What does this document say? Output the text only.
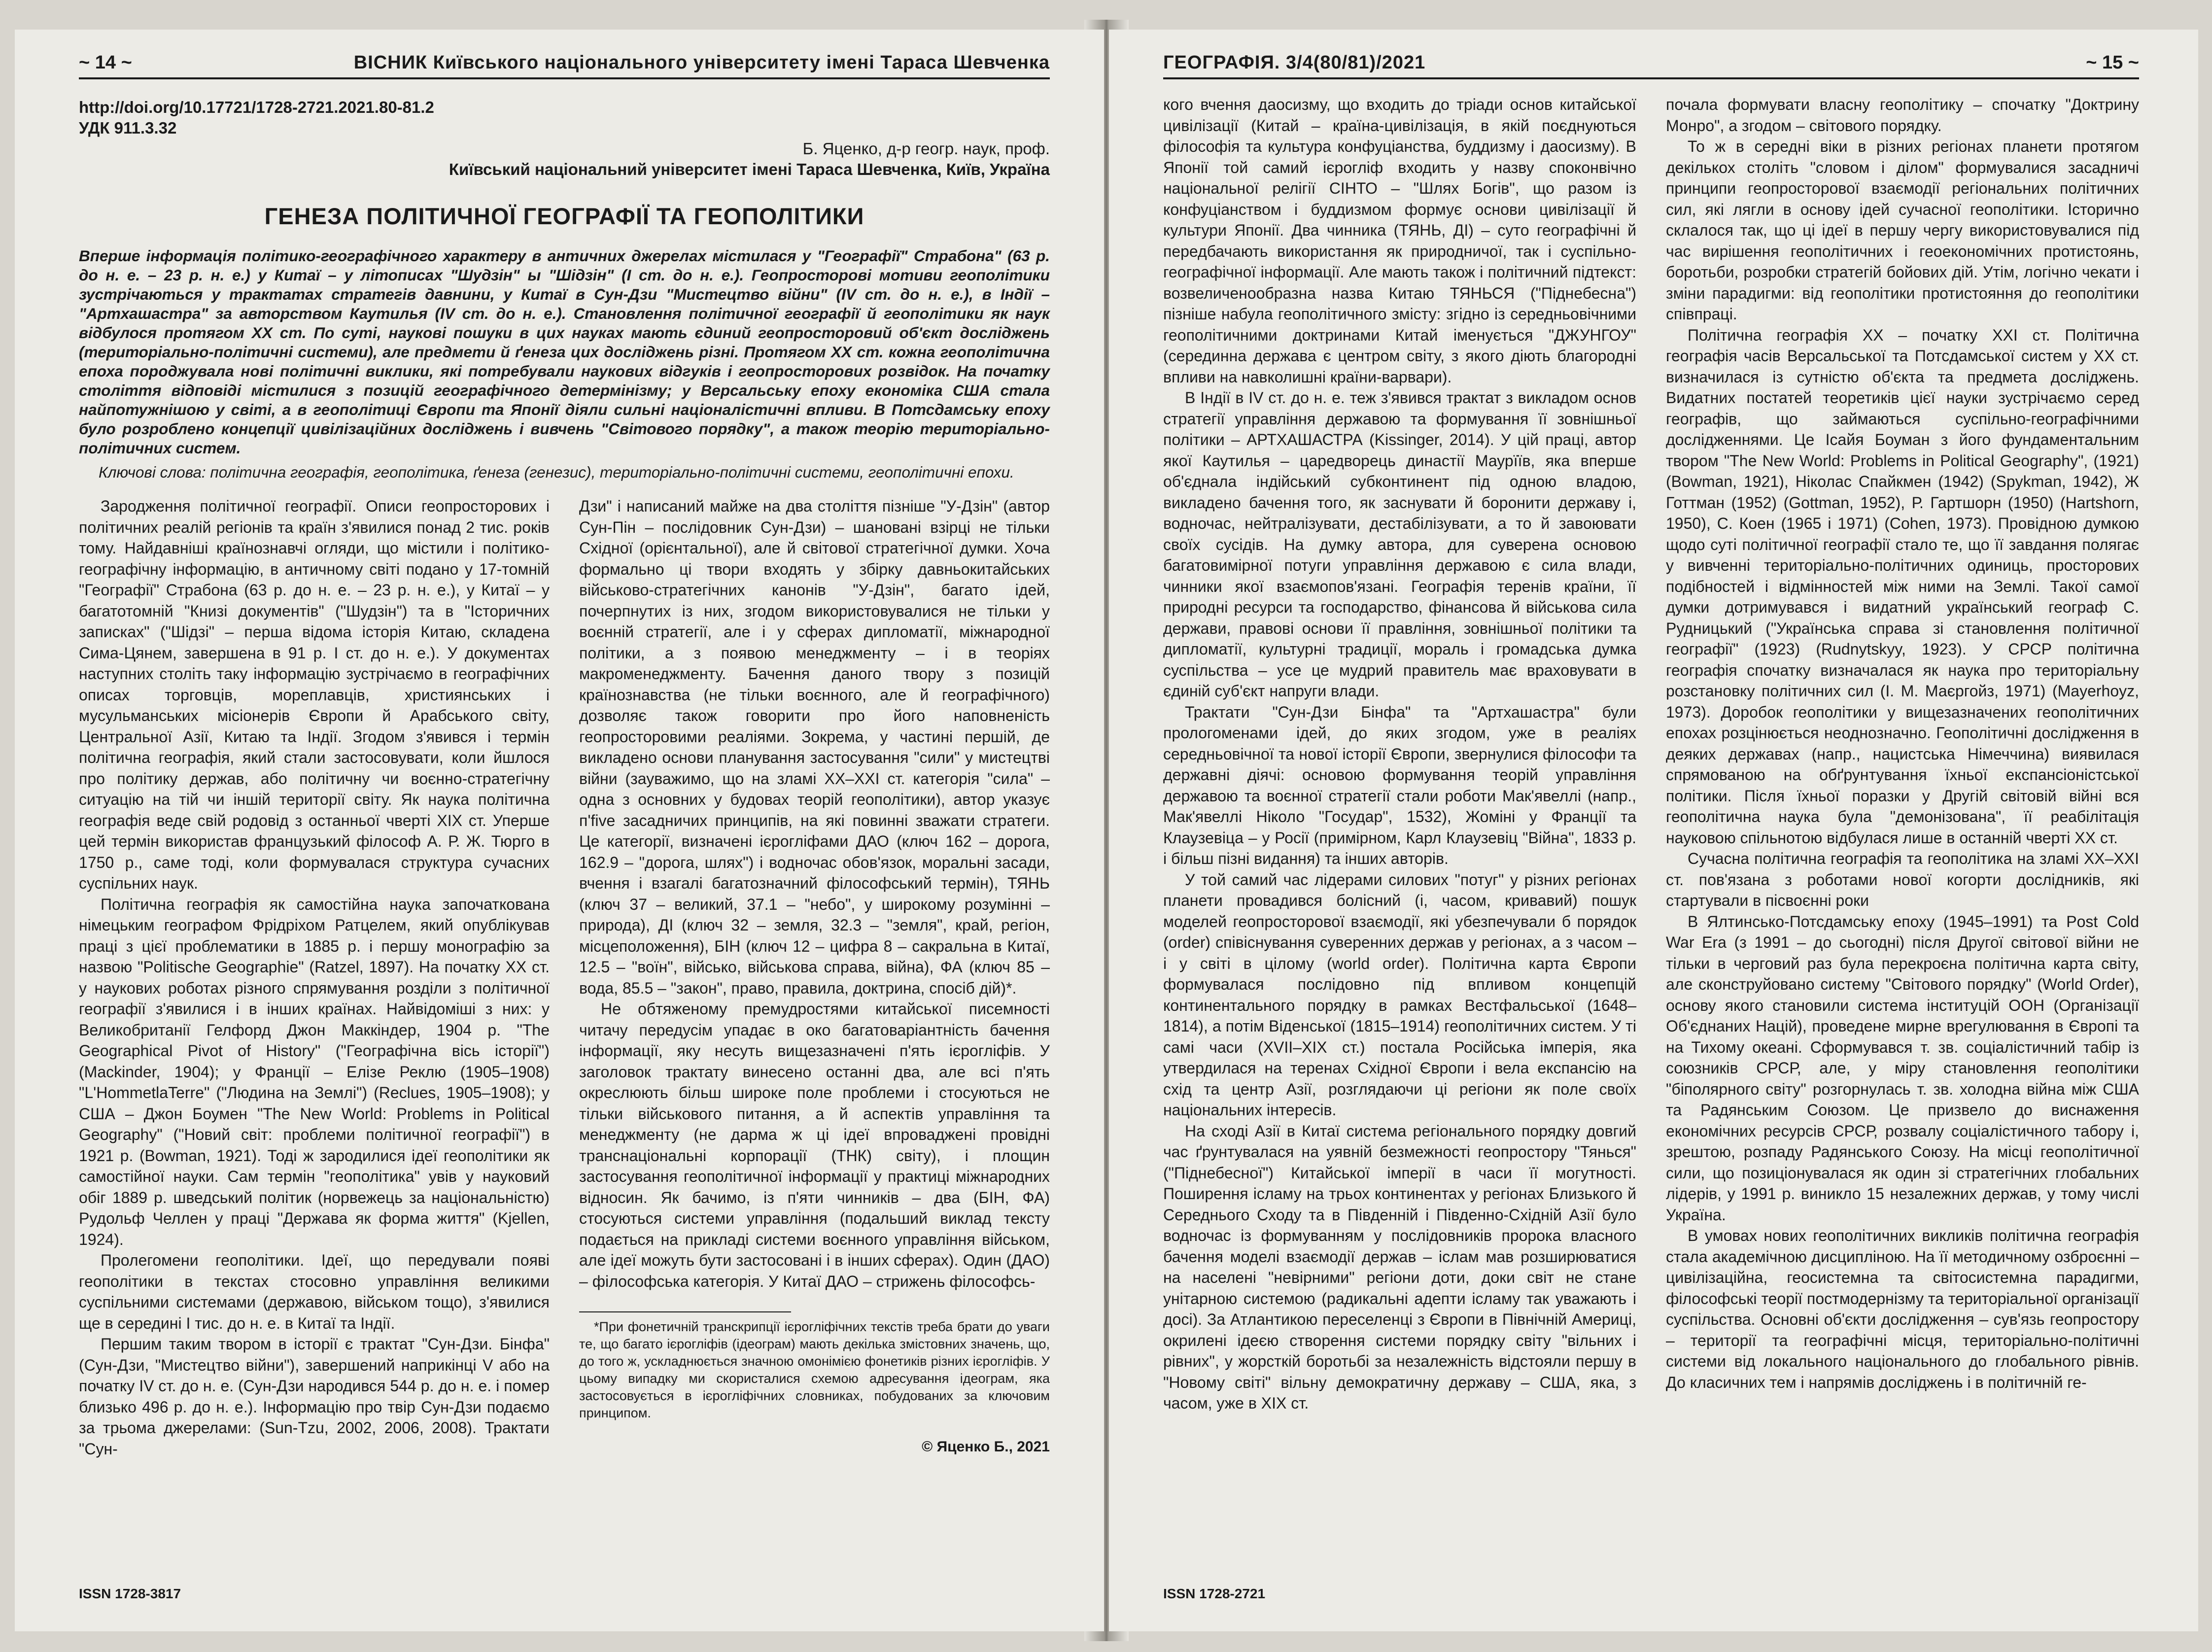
~ 14 ~	ВІСНИК Київського національного університету імені Тараса Шевченка
http://doi.org/10.17721/1728-2721.2021.80-81.2
УДК 911.3.32
Б. Яценко, д-р геогр. наук, проф.
Київський національний університет імені Тараса Шевченка, Київ, Україна
ГЕНЕЗА ПОЛІТИЧНОЇ ГЕОГРАФІЇ ТА ГЕОПОЛІТИКИ
Вперше інформація політико-географічного характеру в античних джерелах містилася у "Географії" Страбона" (63 р. до н. е. – 23 р. н. е.) у Китаї – у літописах "Шудзін" ы "Шідзін" (І ст. до н. е.). Геопросторові мотиви геополітики зустрічаються у трактатах стратегів давнини, у Китаї в Сун-Дзи "Мистецтво війни" (IV ст. до н. е.), в Індії – "Артхашастра" за авторством Каутилья (IV ст. до н. е.). Становлення політичної географії й геополітики як наук відбулося протягом ХХ ст. По суті, наукові пошуки в цих науках мають єдиний геопросторовий об'єкт досліджень (територіально-політичні системи), але предмети й ґенеза цих досліджень різні. Протягом ХХ ст. кожна геополітична епоха породжувала нові політичні виклики, які потребували наукових відгуків і геопросторових розвідок. На початку століття відповіді містилися з позицій географічного детермінізму; у Версальську епоху економіка США стала найпотужнішою у світі, а в геополітиці Європи та Японії діяли сильні націоналістичні впливи. В Потсдамську епоху було розроблено концепції цивілізаційних досліджень і вивчень "Світового порядку", а також теорію територіально-політичних систем.
Ключові слова: політична географія, геополітика, ґенеза (генезис), територіально-політичні системи, геополітичні епохи.

Зародження політичної географії. Описи геопросторових і політичних реалій регіонів та країн з'явилися понад 2 тис. років тому. Найдавніші країнознавчі огляди, що містили і політико-географічну інформацію, в античному світі подано у 17-томній "Географії" Страбона (63 р. до н. е. – 23 р. н. е.), у Китаї – у багатотомній "Книзі документів" ("Шудзін") та в "Історичних записках" ("Шідзі" – перша відома історія Китаю, складена Сима-Цянем, завершена в 91 р. І ст. до н. е.). У документах наступних століть таку інформацію зустрічаємо в географічних описах торговців, мореплавців, християнських і мусульманських місіонерів Європи й Арабського світу, Центральної Азії, Китаю та Індії. Згодом з'явився і термін політична географія, який стали застосовувати, коли йшлося про політику держав, або політичну чи воєнно-стратегічну ситуацію на тій чи іншій території світу. Як наука політична географія веде свій родовід з останньої чверті ХІХ ст. Уперше цей термін використав французький філософ А. Р. Ж. Тюрго в 1750 р., саме тоді, коли формувалася структура сучасних суспільних наук.

Політична географія як самостійна наука започаткована німецьким географом Фрідріхом Ратцелем, який опублікував праці з цієї проблематики в 1885 р. і першу монографію за назвою "Politische Geographie" (Ratzel, 1897). На початку ХХ ст. у наукових роботах різного спрямування розділи з політичної географії з'явилися і в інших країнах. Найвідоміші з них: у Великобританії Гелфорд Джон Маккіндер, 1904 р. "The Geographical Pivot of History" ("Географічна вісь історії") (Mackinder, 1904); у Франції – Елізе Реклю (1905–1908) "L'HommetlaTerre" ("Людина на Землі") (Reclues, 1905–1908); у США – Джон Боумен "The New World: Problems in Political Geography" ("Новий світ: проблеми політичної географії") в 1921 р. (Bowman, 1921). Тоді ж зародилися ідеї геополітики як самостійної науки. Сам термін "геополітика" увів у науковий обіг 1889 р. шведський політик (норвежець за національністю) Рудольф Челлен у праці "Держава як форма життя" (Kjellen, 1924).

Пролегомени геополітики. Ідеї, що передували появі геополітики в текстах стосовно управління великими суспільними системами (державою, військом тощо), з'явилися ще в середині І тис. до н. е. в Китаї та Індії.

Першим таким твором в історії є трактат "Сун-Дзи. Бінфа" (Сун-Дзи, "Мистецтво війни"), завершений наприкінці V або на початку IV ст. до н. е. (Сун-Дзи народився 544 р. до н. е. і помер близько 496 р. до н. е.). Інформацію про твір Сун-Дзи подаємо за трьома джерелами: (Sun-Tzu, 2002, 2006, 2008). Трактати "Сун-

Дзи" і написаний майже на два століття пізніше "У-Дзін" (автор Сун-Пін – послідовник Сун-Дзи) – шановані взірці не тільки Східної (орієнтальної), але й світової стратегічної думки. Хоча формально ці твори входять у збірку давньокитайських військово-стратегічних канонів "У-Дзін", багато ідей, почерпнутих із них, згодом використовувалися не тільки у воєнній стратегії, але і у сферах дипломатії, міжнародної політики, а з появою менеджменту – і в теоріях макроменеджменту. Бачення даного твору з позицій країнознавства (не тільки воєнного, але й географічного) дозволяє також говорити про його наповненість геопросторовими реаліями. Зокрема, у частині першій, де викладено основи планування застосування "сили" у мистецтві війни (зауважимо, що на зламі ХХ–ХХІ ст. категорія "сила" – одна з основних у будовах теорій геополітики), автор указує п'five засадничих принципів, на які повинні зважати стратеги. Це категорії, визначені ієрогліфами ДАО (ключ 162 – дорога, 162.9 – "дорога, шлях") і водночас обов'язок, моральні засади, вчення і взагалі багатозначний філософський термін), ТЯНЬ (ключ 37 – великий, 37.1 – "небо", у широкому розумінні – природа), ДІ (ключ 32 – земля, 32.3 – "земля", край, регіон, місцеположення), БІН (ключ 12 – цифра 8 – сакральна в Китаї, 12.5 – "воїн", військо, військова справа, війна), ФА (ключ 85 – вода, 85.5 – "закон", право, правила, доктрина, спосіб дій)*.

Не обтяженому премудростями китайської писемності читачу передусім упадає в око багатоваріантність бачення інформації, яку несуть вищезазначені п'ять ієрогліфів. У заголовок трактату винесено останні два, але всі п'ять окреслюють більш широке поле проблеми і стосуються не тільки військового питання, а й аспектів управління та менеджменту (не дарма ж ці ідеї впроваджені провідні транснаціональні корпорації (ТНК) світу), і площин застосування геополітичної інформації у практиці міжнародних відносин. Як бачимо, із п'яти чинників – два (БІН, ФА) стосуються системи управління (подальший виклад тексту подається на прикладі системи воєнного управління військом, але ідеї можуть бути застосовані і в інших сферах). Один (ДАО) – філософська категорія. У Китаї ДАО – стрижень філософсь-

*При фонетичній транскрипції ієрогліфічних текстів треба брати до уваги те, що багато ієрогліфів (ідеограм) мають декілька змістовних значень, що, до того ж, ускладнюється значною омонімією фонетиків різних ієрогліфів. У цьому випадку ми скористалися схемою адресування ідеограм, яка застосовується в ієрогліфічних словниках, побудованих за ключовим принципом.
© Яценко Б., 2021
ISSN 1728-3817
ГЕОГРАФІЯ. 3/4(80/81)/2021	~ 15 ~

кого вчення даосизму, що входить до тріади основ китайської цивілізації (Китай – країна-цивілізація, в якій поєднуються філософія та культура конфуціанства, буддизму і даосизму). В Японії той самий ієрогліф входить у назву споконвічно національної релігії СІНТО – "Шлях Богів", що разом із конфуціанством і буддизмом формує основи цивілізації й культури Японії. Два чинника (ТЯНЬ, ДІ) – суто географічні й передбачають використання як природничої, так і суспільно-географічної інформації. Але мають також і політичний підтекст: возвеличенообразна назва Китаю ТЯНЬСЯ ("Піднебесна") пізніше набула геополітичного змісту: згідно із середньовічними геополітичними доктринами Китай іменується "ДЖУНГОУ" (серединна держава є центром світу, з якого діють благородні впливи на навколишні країни-варвари).

В Індії в IV ст. до н. е. теж з'явився трактат з викладом основ стратегії управління державою та формування її зовнішньої політики – АРТХАШАСТРА (Kissinger, 2014). У цій праці, автор якої Каутилья – царедворець династії Маурїїв, яка вперше об'єднала індійський субконтинент під одною владою, викладено бачення того, як заснувати й боронити державу і, водночас, нейтралізувати, дестабілізувати, а то й завоювати своїх сусідів. На думку автора, для суверена основою багатовимірної потуги управління державою є сила влади, чинники якої взаємопов'язані. Географія теренів країни, її природні ресурси та господарство, фінансова й військова сила держави, правові основи її правління, зовнішньої політики та дипломатії, культурні традиції, мораль і громадська думка суспільства – усе це мудрий правитель має враховувати в єдиній суб'єкт напруги влади.

Трактати "Сун-Дзи Бінфа" та "Артхашастра" були прологоменами ідей, до яких згодом, уже в реаліях середньовічної та нової історії Європи, звернулися філософи та державні діячі: основою формування теорій управління державою та воєнної стратегії стали роботи Мак'явеллі (напр., Мак'явеллі Ніколо "Государ", 1532), Жоміні у Франції та Клаузевіца – у Росії (примірном, Карл Клаузевіц "Війна", 1833 р. і більш пізні видання) та інших авторів.

У той самий час лідерами силових "потуг" у різних регіонах планети провадився болісний (і, часом, кривавий) пошук моделей геопросторової взаємодії, які убезпечували б порядок (order) співіснування суверенних держав у регіонах, а з часом – і у світі в цілому (world order). Політична карта Європи формувалася послідовно під впливом концепцій континентального порядку в рамках Вестфальської (1648–1814), а потім Віденської (1815–1914) геополітичних систем. У ті самі часи (XVII–XIX ст.) постала Російська імперія, яка утвердилася на теренах Східної Європи і вела експансію на схід та центр Азії, розглядаючи ці регіони як поле своїх національних інтересів.

На сході Азії в Китаї система регіонального порядку довгий час ґрунтувалася на уявній безмежності геопростору "Тянься" ("Піднебесної") Китайської імперії в часи її могутності. Поширення ісламу на трьох континентах у регіонах Близького й Середнього Сходу та в Південній і Південно-Східній Азії було водночас із формуванням у послідовників пророка власного бачення моделі взаємодії держав – іслам мав розширюватися на населені "невірними" регіони доти, доки світ не стане унітарною системою (радикальні адепти ісламу так уважають і досі). За Атлантикою переселенці з Європи в Північній Америці, окрилені ідеєю створення системи порядку світу "вільних і рівних", у жорсткій боротьбі за незалежність відстояли першу в "Новому світі" вільну демократичну державу – США, яка, з часом, уже в ХІХ ст.

почала формувати власну геополітику – спочатку "Доктрину Монро", а згодом – світового порядку.

То ж в середні віки в різних регіонах планети протягом декількох століть "словом і ділом" формувалися засадничі принципи геопросторової взаємодії регіональних політичних сил, які лягли в основу ідей сучасної геополітики. Історично склалося так, що ці ідеї в першу чергу використовувалися під час вирішення геополітичних і геоекономічних протистоянь, боротьби, розробки стратегій бойових дій. Утім, логічно чекати і зміни парадигми: від геополітики протистояння до геополітики співпраці.

Політична географія ХХ – початку ХХІ ст. Політична географія часів Версальської та Потсдамської систем у ХХ ст. визначилася із сутністю об'єкта та предмета досліджень. Видатних постатей теоретиків цієї науки зустрічаємо серед географів, що займаються суспільно-географічними дослідженнями. Це Ісайя Боуман з його фундаментальним твором "The New World: Problems in Political Geography", (1921) (Bowman, 1921), Ніколас Спайкмен (1942) (Spykman, 1942), Ж Готтман (1952) (Gottman, 1952), Р. Гартшорн (1950) (Hartshorn, 1950), С. Коен (1965 і 1971) (Cohen, 1973). Провідною думкою щодо суті політичної географії стало те, що її завдання полягає у вивченні територіально-політичних одиниць, просторових подібностей і відмінностей між ними на Землі. Такої самої думки дотримувався і видатний український географ С. Рудницький ("Українська справа зі становлення політичної географії" (1923) (Rudnytskyy, 1923). У СРСР політична географія спочатку визначалася як наука про територіальну розстановку політичних сил (І. М. Маєргойз, 1971) (Mayerhoyz, 1973). Доробок геополітики у вищезазначених геополітичних епохах розцінюється неоднозначно. Геополітичні дослідження в деяких державах (напр., нацистська Німеччина) виявилася спрямованою на обґрунтування їхньої експансіоністської політики. Після їхньої поразки у Другій світовій війні вся геополітична наука була "демонізована", її реабілітація науковою спільнотою відбулася лише в останній чверті ХХ ст.

Сучасна політична географія та геополітика на зламі ХХ–ХХІ ст. пов'язана з роботами нової когорти дослідників, які стартували в пісвоєнні роки

В Ялтинсько-Потсдамську епоху (1945–1991) та Post Cold War Era (з 1991 – до сьогодні) після Другої світової війни не тільки в черговий раз була перекроєна політична карта світу, але сконструйовано систему "Світового порядку" (World Order), основу якого становили система інституцій ООН (Організації Об'єднаних Націй), проведене мирне врегулювання в Європі та на Тихому океані. Сформувався т. зв. соціалістичний табір із союзників СРСР, але, у міру становлення геополітики "біполярного світу" розгорнулась т. зв. холодна війна між США та Радянським Союзом. Це призвело до виснаження економічних ресурсів СРСР, розвалу соціалістичного табору і, зрештою, розпаду Радянського Союзу. На місці геополітичної сили, що позиціонувалася як один зі стратегічних глобальних лідерів, у 1991 р. виникло 15 незалежних держав, у тому числі Україна.

В умовах нових геополітичних викликів політична географія стала академічною дисципліною. На її методичному озброєнні – цивілізаційна, геосистемна та світосистемна парадигми, філософські теорії постмодернізму та територіальної організації суспільства. Основні об'єкти дослідження – сув'язь геопростору – території та географічні місця, територіально-політичні системи від локального національного до глобального рівнів. До класичних тем і напрямів досліджень і в політичній ге-

ISSN 1728-2721
